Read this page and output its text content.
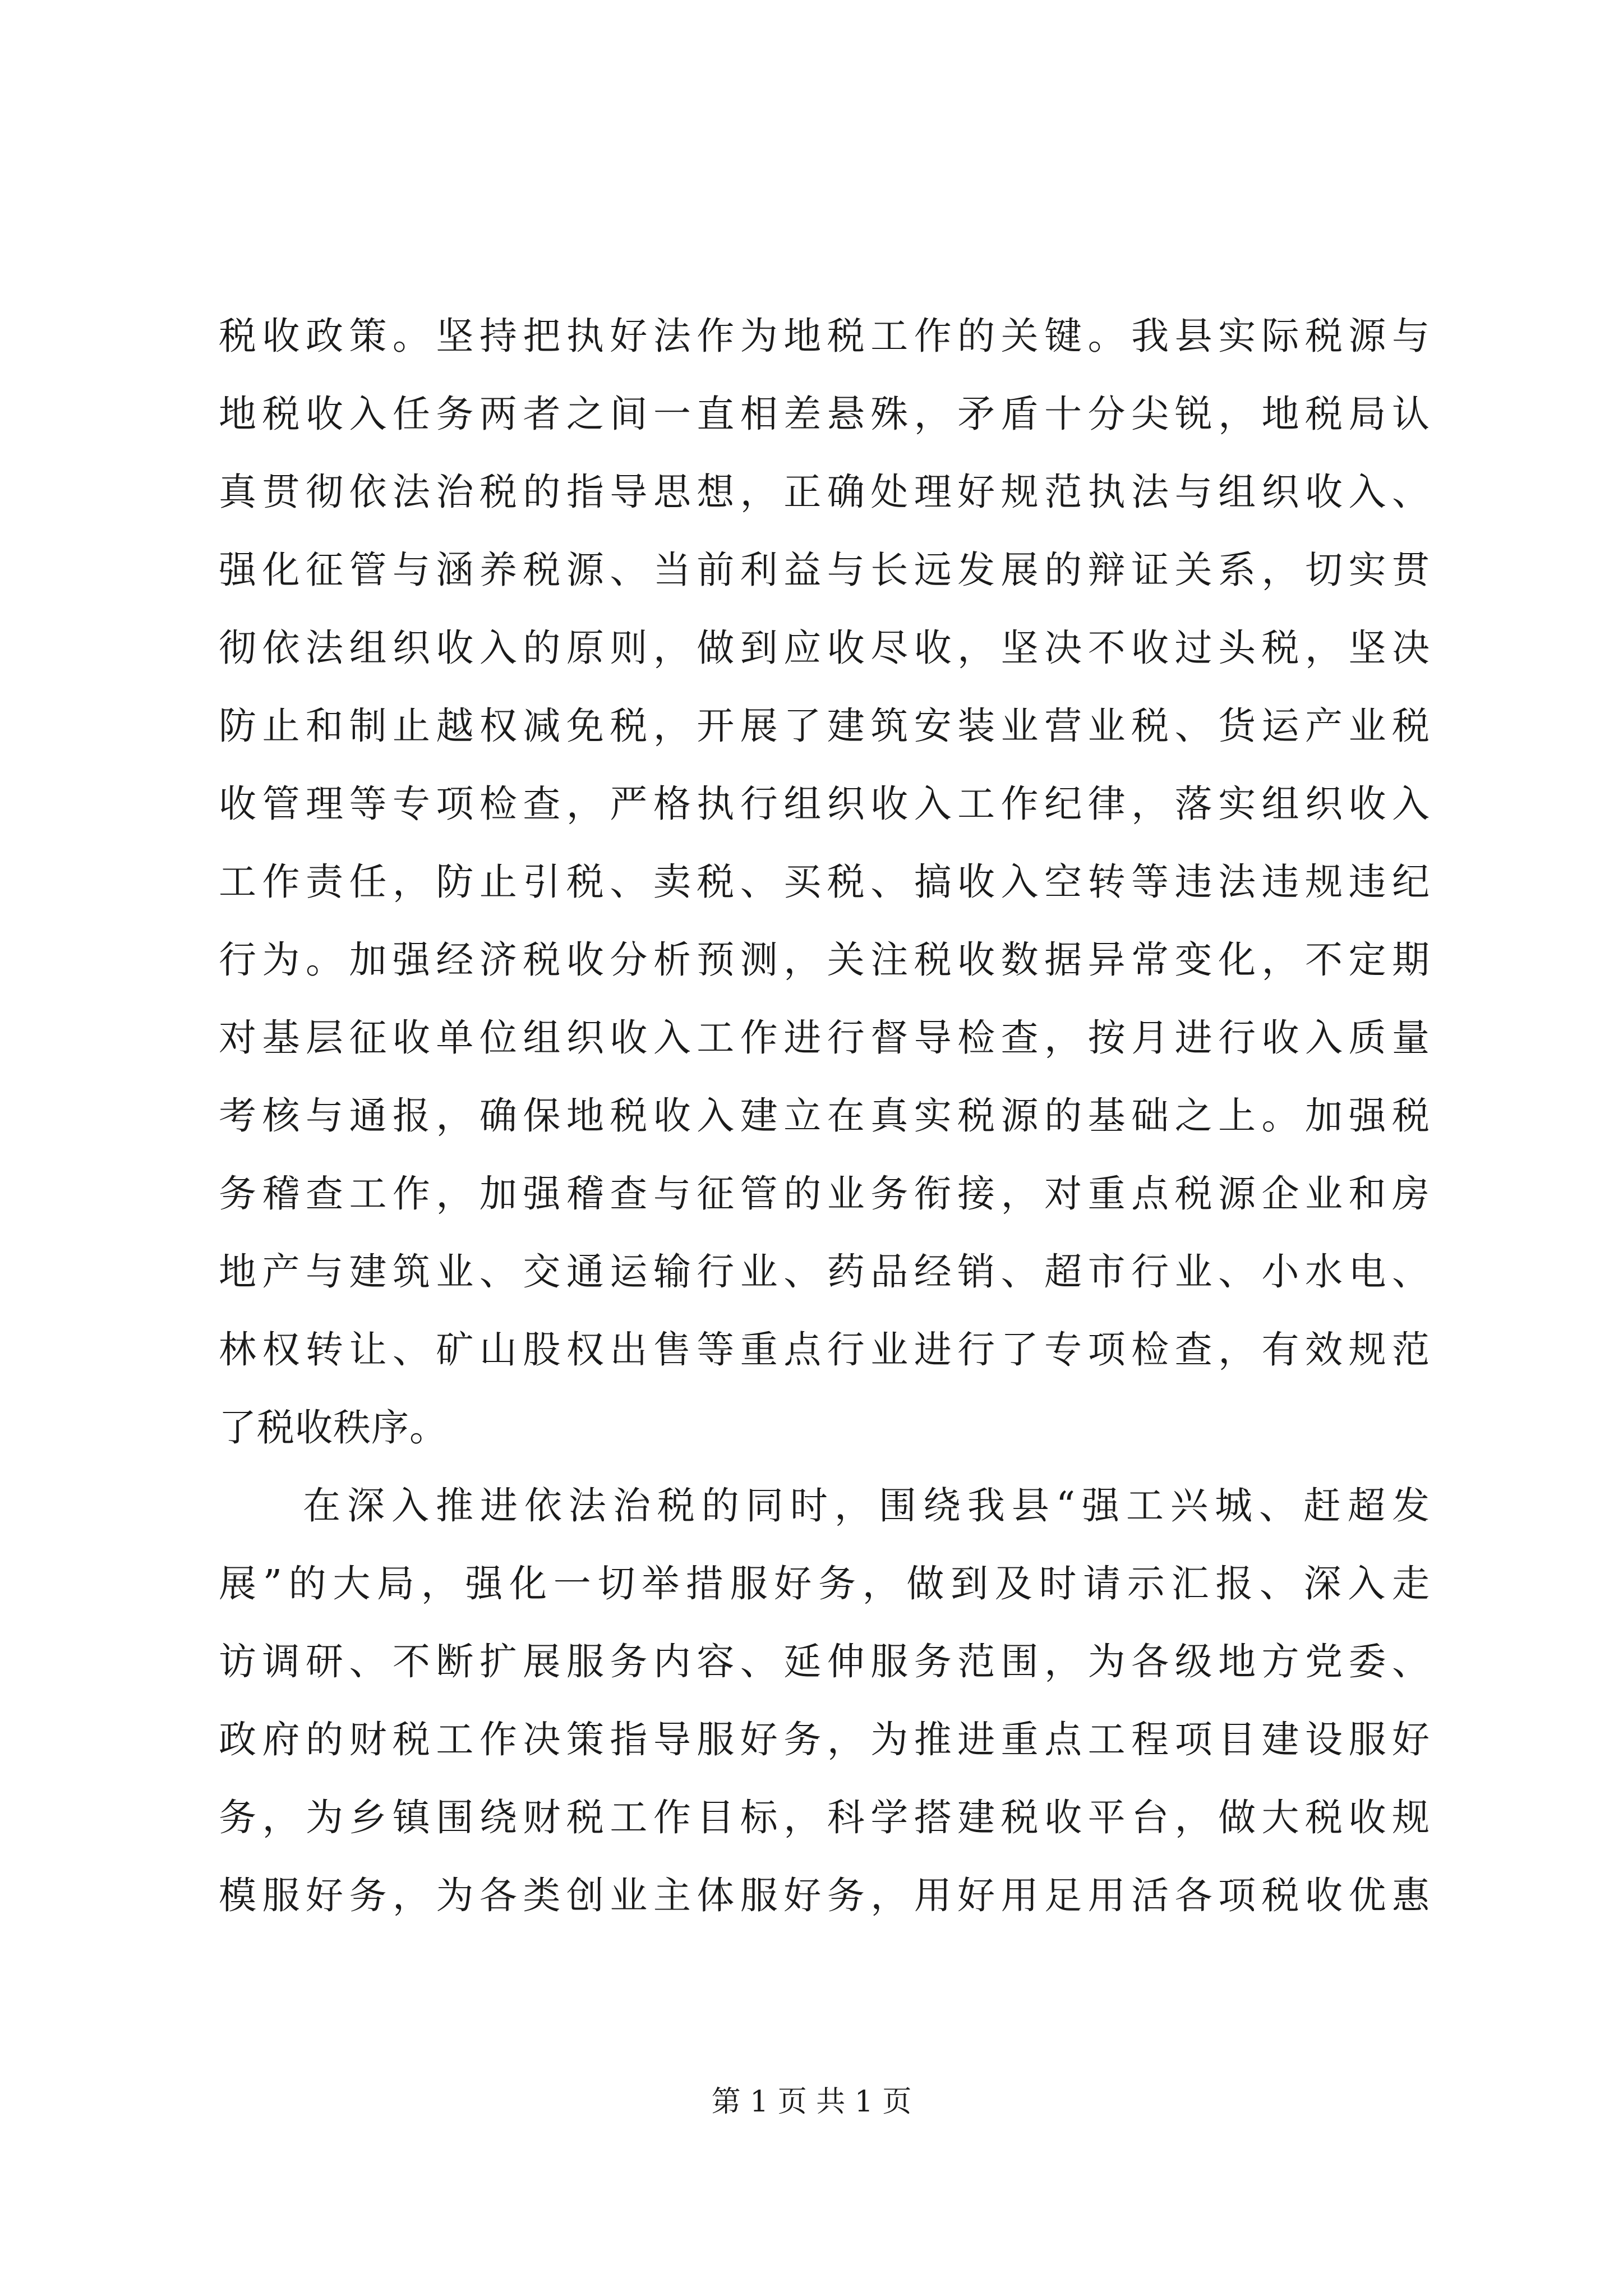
税收政策。坚持把执好法作为地税工作的关键。我县实际税源与
地税收入任务两者之间一直相差悬殊，矛盾十分尖锐，地税局认
真贯彻依法治税的指导思想，正确处理好规范执法与组织收入、
强化征管与涵养税源、当前利益与长远发展的辩证关系，切实贯
彻依法组织收入的原则，做到应收尽收，坚决不收过头税，坚决
防止和制止越权减免税，开展了建筑安装业营业税、货运产业税
收管理等专项检查，严格执行组织收入工作纪律，落实组织收入
工作责任，防止引税、卖税、买税、搞收入空转等违法违规违纪
行为。加强经济税收分析预测，关注税收数据异常变化，不定期
对基层征收单位组织收入工作进行督导检查，按月进行收入质量
考核与通报，确保地税收入建立在真实税源的基础之上。加强税
务稽查工作，加强稽查与征管的业务衔接，对重点税源企业和房
地产与建筑业、交通运输行业、药品经销、超市行业、小水电、
林权转让、矿山股权出售等重点行业进行了专项检查，有效规范
了税收秩序。
在深入推进依法治税的同时，围绕我县“强工兴城、赶超发
展”的大局，强化一切举措服好务，做到及时请示汇报、深入走
访调研、不断扩展服务内容、延伸服务范围，为各级地方党委、
政府的财税工作决策指导服好务，为推进重点工程项目建设服好
务，为乡镇围绕财税工作目标，科学搭建税收平台，做大税收规
模服好务，为各类创业主体服好务，用好用足用活各项税收优惠
第 1 页 共 1 页
